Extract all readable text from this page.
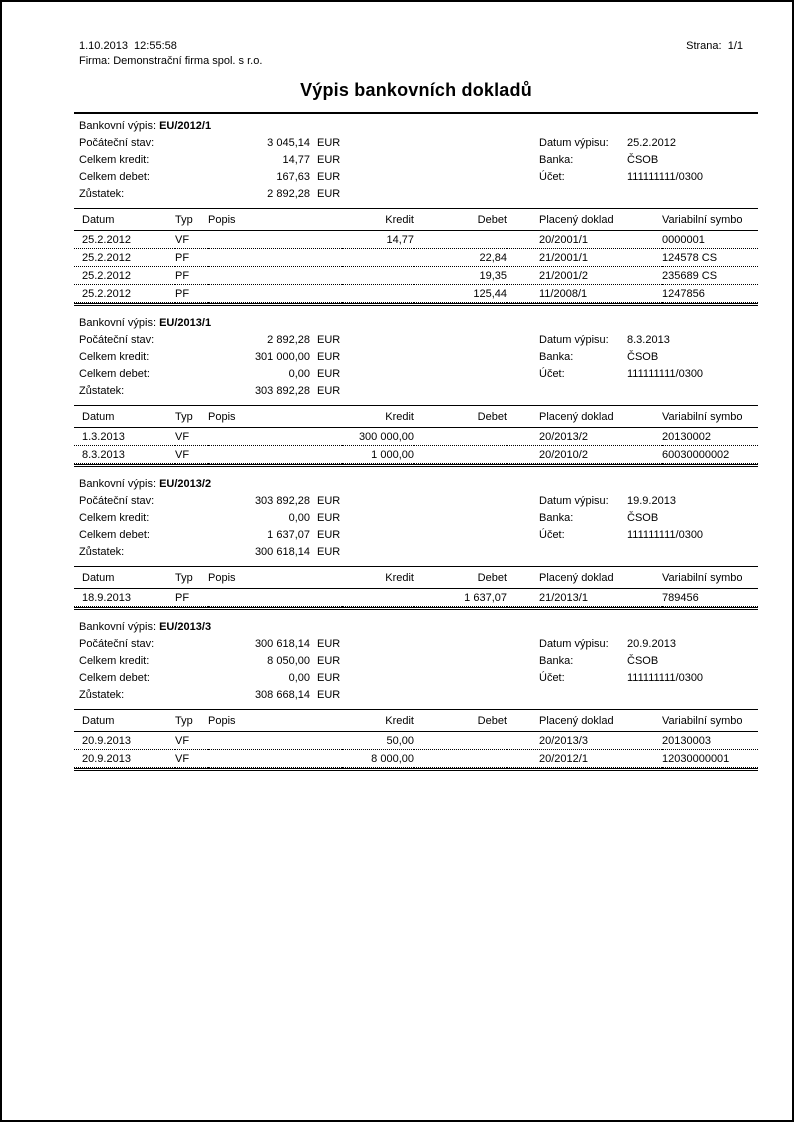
1.10.2013  12:55:58	Strana:  1/1
Firma: Demonstrační firma spol. s r.o.
Výpis bankovních dokladů
Bankovní výpis: EU/2012/1
Počáteční stav:	3 045,14 EUR
Celkem kredit:	14,77 EUR
Celkem debet:	167,63 EUR
Zůstatek:	2 892,28 EUR
Datum výpisu:	25.2.2012
Banka:	ČSOB
Účet:	111111111/0300
Datum	Typ	Popis	Kredit	Debet	Placený doklad	Variabilní symbo
25.2.2012	VF		14,77		20/2001/1	0000001
25.2.2012	PF			22,84	21/2001/1	124578 CS
25.2.2012	PF			19,35	21/2001/2	235689 CS
25.2.2012	PF			125,44	11/2008/1	1247856
Bankovní výpis: EU/2013/1
Počáteční stav:	2 892,28 EUR
Celkem kredit:	301 000,00 EUR
Celkem debet:	0,00 EUR
Zůstatek:	303 892,28 EUR
Datum výpisu:	8.3.2013
Banka:	ČSOB
Účet:	111111111/0300
Datum	Typ	Popis	Kredit	Debet	Placený doklad	Variabilní symbo
1.3.2013	VF		300 000,00		20/2013/2	20130002
8.3.2013	VF		1 000,00		20/2010/2	60030000002
Bankovní výpis: EU/2013/2
Počáteční stav:	303 892,28 EUR
Celkem kredit:	0,00 EUR
Celkem debet:	1 637,07 EUR
Zůstatek:	300 618,14 EUR
Datum výpisu:	19.9.2013
Banka:	ČSOB
Účet:	111111111/0300
Datum	Typ	Popis	Kredit	Debet	Placený doklad	Variabilní symbo
18.9.2013	PF			1 637,07	21/2013/1	789456
Bankovní výpis: EU/2013/3
Počáteční stav:	300 618,14 EUR
Celkem kredit:	8 050,00 EUR
Celkem debet:	0,00 EUR
Zůstatek:	308 668,14 EUR
Datum výpisu:	20.9.2013
Banka:	ČSOB
Účet:	111111111/0300
Datum	Typ	Popis	Kredit	Debet	Placený doklad	Variabilní symbo
20.9.2013	VF		50,00		20/2013/3	20130003
20.9.2013	VF		8 000,00		20/2012/1	12030000001
